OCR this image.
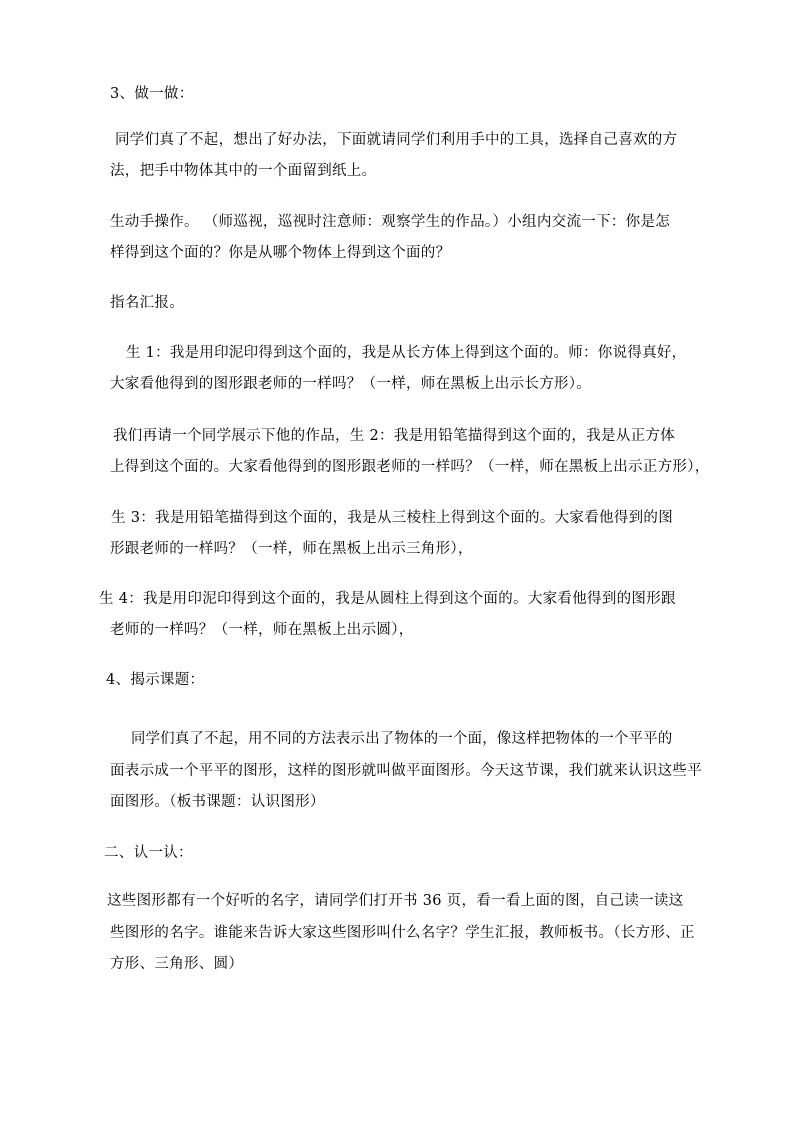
3、做一做：
同学们真了不起，想出了好办法，下面就请同学们利用手中的工具，选择自己喜欢的方
法，把手中物体其中的一个面留到纸上。
生动手操作。 （师巡视，巡视时注意师：观察学生的作品。）小组内交流一下：你是怎
样得到这个面的？你是从哪个物体上得到这个面的？
指名汇报。
生 1：我是用印泥印得到这个面的，我是从长方体上得到这个面的。师：你说得真好，
大家看他得到的图形跟老师的一样吗？（一样，师在黑板上出示长方形）。
我们再请一个同学展示下他的作品，生 2：我是用铅笔描得到这个面的，我是从正方体
上得到这个面的。大家看他得到的图形跟老师的一样吗？（一样，师在黑板上出示正方形），
生 3：我是用铅笔描得到这个面的，我是从三棱柱上得到这个面的。大家看他得到的图
形跟老师的一样吗？（一样，师在黑板上出示三角形），
生 4：我是用印泥印得到这个面的，我是从圆柱上得到这个面的。大家看他得到的图形跟
老师的一样吗？（一样，师在黑板上出示圆），
4、揭示课题：
同学们真了不起，用不同的方法表示出了物体的一个面，像这样把物体的一个平平的
面表示成一个平平的图形，这样的图形就叫做平面图形。今天这节课，我们就来认识这些平
面图形。（板书课题：认识图形）
二、认一认：
这些图形都有一个好听的名字，请同学们打开书 36 页，看一看上面的图，自己读一读这
些图形的名字。谁能来告诉大家这些图形叫什么名字？学生汇报，教师板书。（长方形、正
方形、三角形、圆）
